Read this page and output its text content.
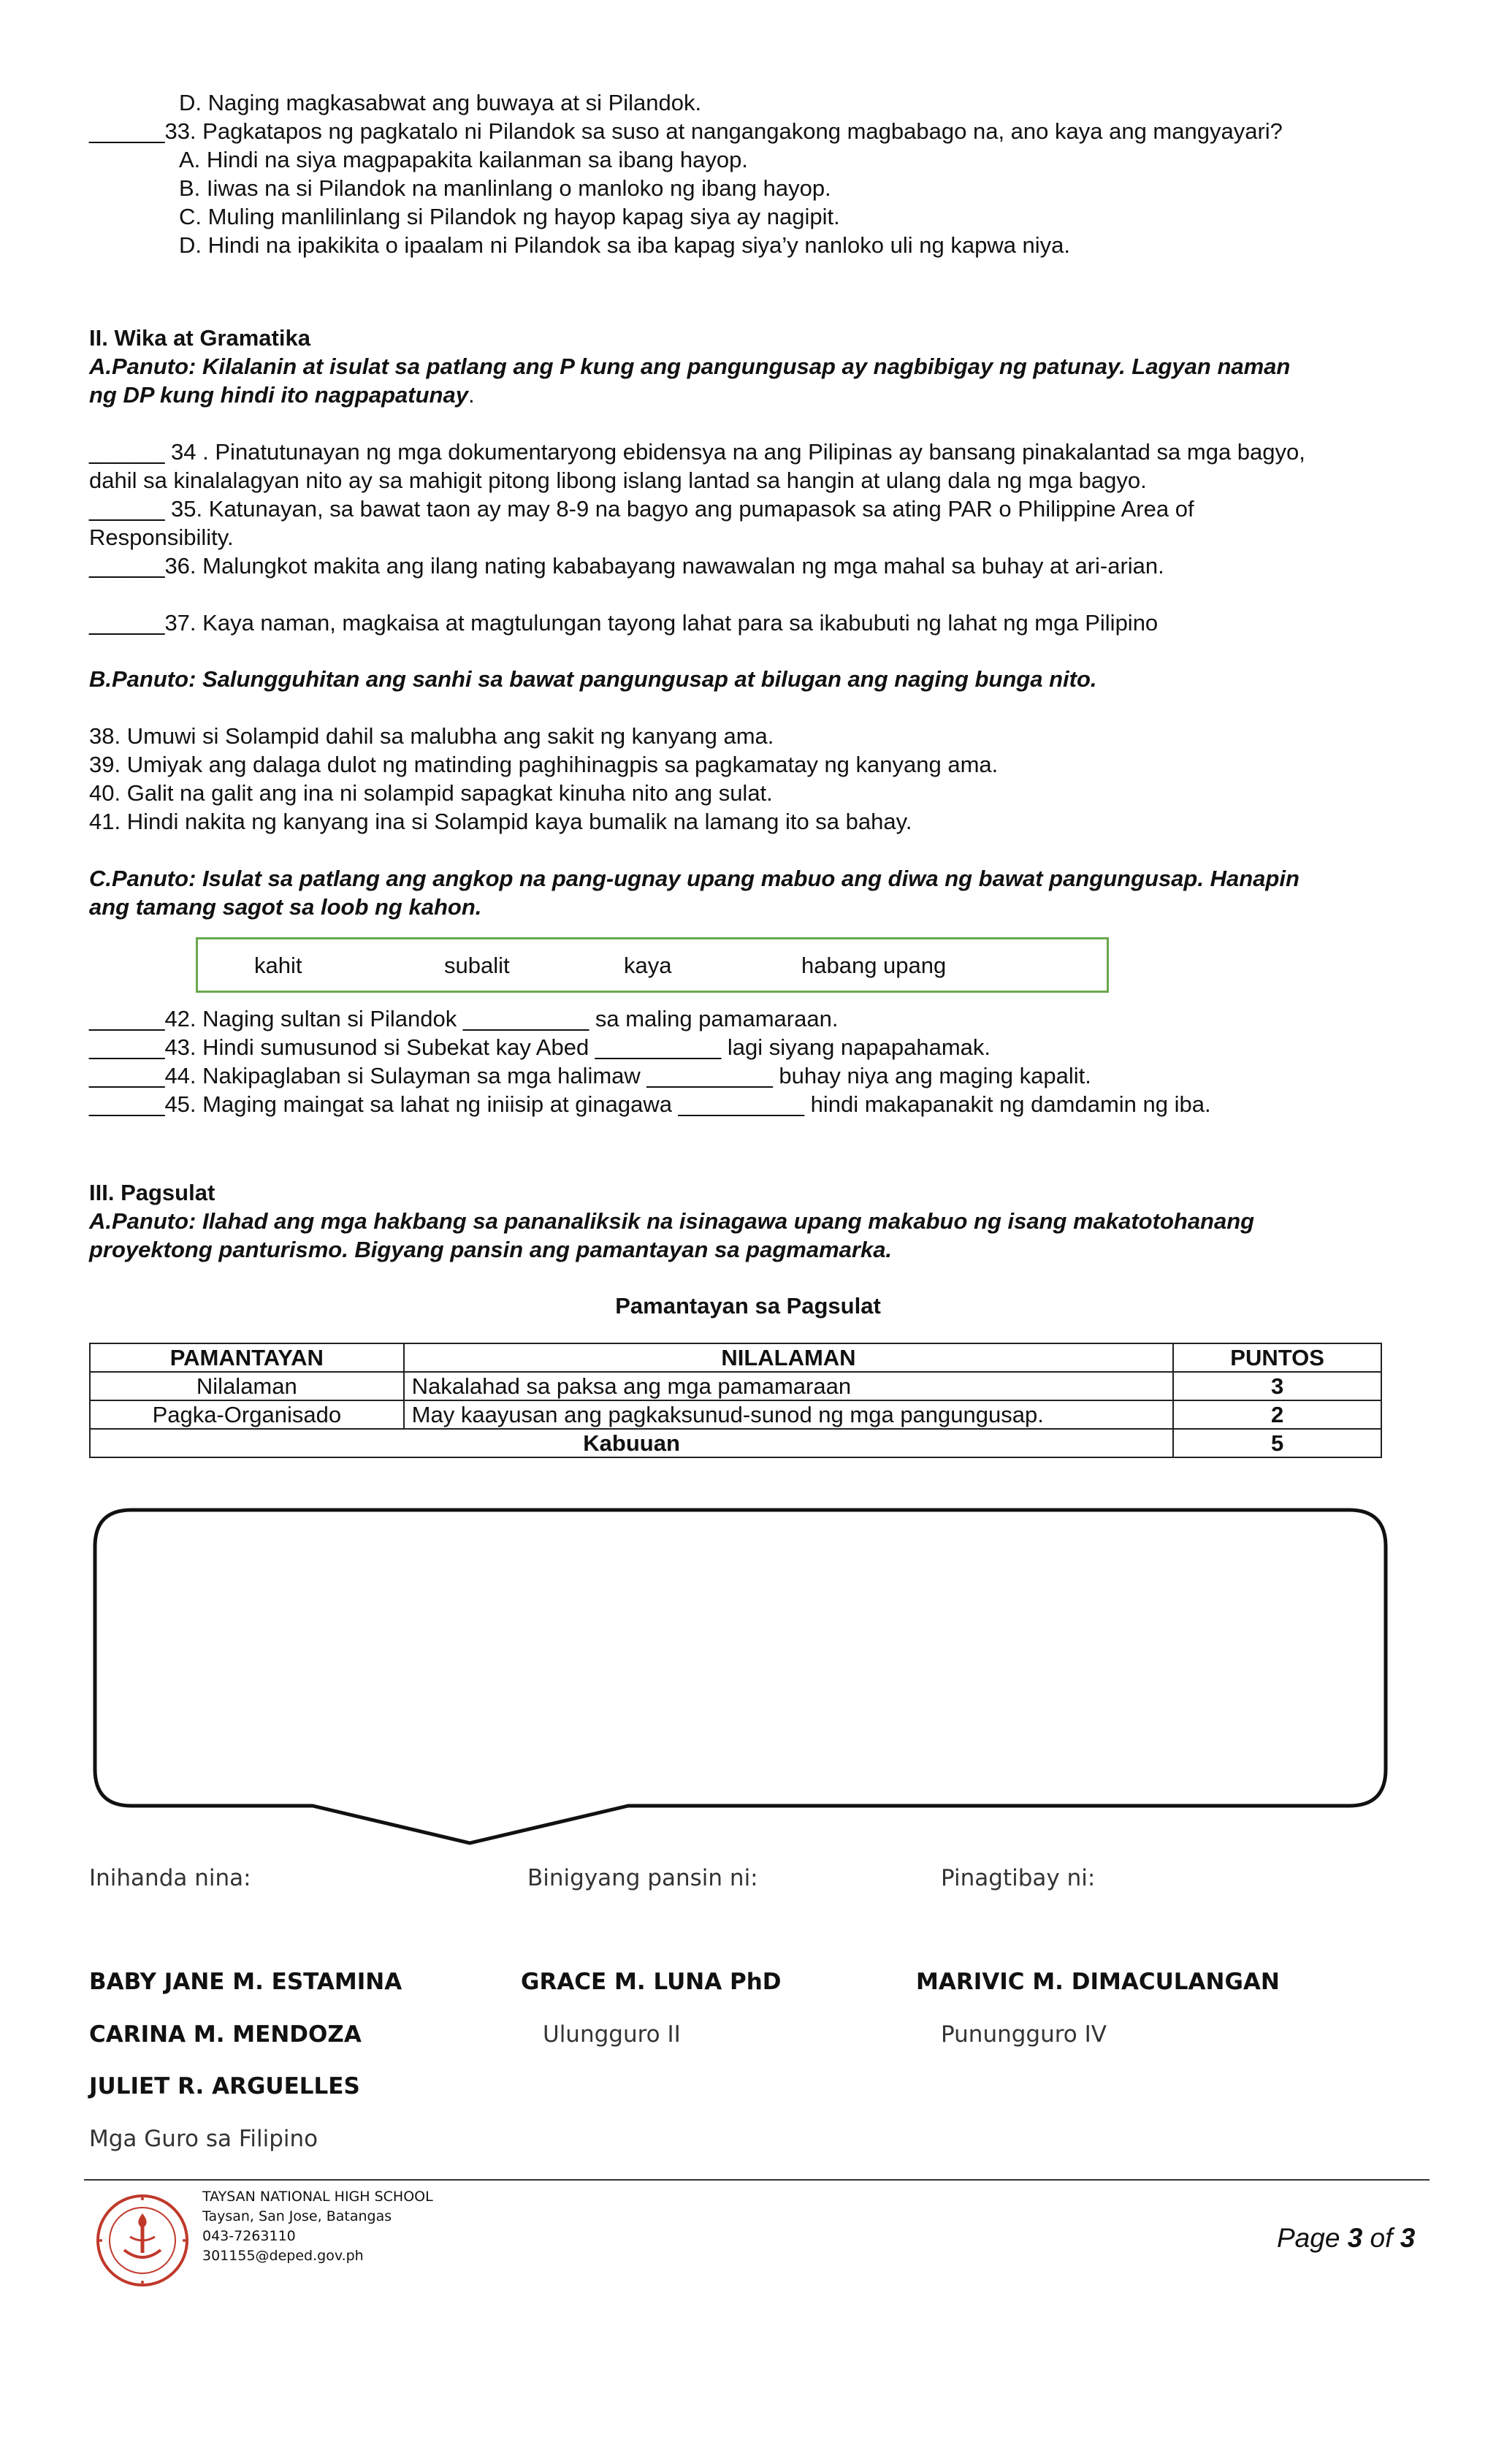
D. Naging magkasabwat ang buwaya at si Pilandok.
______33. Pagkatapos ng pagkatalo ni Pilandok sa suso at nangangakong magbabago na, ano kaya ang mangyayari?
A. Hindi na siya magpapakita kailanman sa ibang hayop.
B. Iiwas na si Pilandok na manlinlang o manloko ng ibang hayop.
C. Muling manlilinlang si Pilandok ng hayop kapag siya ay nagipit.
D. Hindi na ipakikita o ipaalam ni Pilandok sa iba kapag siya’y nanloko uli ng kapwa niya.
II. Wika at Gramatika
A.Panuto: Kilalanin at isulat sa patlang ang P kung ang pangungusap ay nagbibigay ng patunay. Lagyan naman
ng DP kung hindi ito nagpapatunay.
______ 34 . Pinatutunayan ng mga dokumentaryong ebidensya na ang Pilipinas ay bansang pinakalantad sa mga bagyo,
dahil sa kinalalagyan nito ay sa mahigit pitong libong islang lantad sa hangin at ulang dala ng mga bagyo.
______ 35. Katunayan, sa bawat taon ay may 8-9 na bagyo ang pumapasok sa ating PAR o Philippine Area of
Responsibility.
______36. Malungkot makita ang ilang nating kababayang nawawalan ng mga mahal sa buhay at ari-arian.
______37. Kaya naman, magkaisa at magtulungan tayong lahat para sa ikabubuti ng lahat ng mga Pilipino
B.Panuto: Salungguhitan ang sanhi sa bawat pangungusap at bilugan ang naging bunga nito.
38. Umuwi si Solampid dahil sa malubha ang sakit ng kanyang ama.
39. Umiyak ang dalaga dulot ng matinding paghihinagpis sa pagkamatay ng kanyang ama.
40. Galit na galit ang ina ni solampid sapagkat kinuha nito ang sulat.
41. Hindi nakita ng kanyang ina si Solampid kaya bumalik na lamang ito sa bahay.
C.Panuto: Isulat sa patlang ang angkop na pang-ugnay upang mabuo ang diwa ng bawat pangungusap. Hanapin
ang tamang sagot sa loob ng kahon.
kahit	subalit	kaya	habang upang
______42. Naging sultan si Pilandok __________ sa maling pamamaraan.
______43. Hindi sumusunod si Subekat kay Abed __________ lagi siyang napapahamak.
______44. Nakipaglaban si Sulayman sa mga halimaw __________ buhay niya ang maging kapalit.
______45. Maging maingat sa lahat ng iniisip at ginagawa __________ hindi makapanakit ng damdamin ng iba.
III. Pagsulat
A.Panuto: Ilahad ang mga hakbang sa pananaliksik na isinagawa upang makabuo ng isang makatotohanang
proyektong panturismo. Bigyang pansin ang pamantayan sa pagmamarka.
Pamantayan sa Pagsulat
PAMANTAYAN	NILALAMAN	PUNTOS
Nilalaman	Nakalahad sa paksa ang mga pamamaraan	3
Pagka-Organisado	May kaayusan ang pagkaksunud-sunod ng mga pangungusap.	2
Kabuuan		5
Inihanda nina:	Binigyang pansin ni:	Pinagtibay ni:
BABY JANE M. ESTAMINA	GRACE M. LUNA PhD	MARIVIC M. DIMACULANGAN
CARINA M. MENDOZA	Ulungguro II	Punungguro IV
JULIET R. ARGUELLES
Mga Guro sa Filipino
TAYSAN NATIONAL HIGH SCHOOL
Taysan, San Jose, Batangas
043-7263110
301155@deped.gov.ph
Page 3 of 3
